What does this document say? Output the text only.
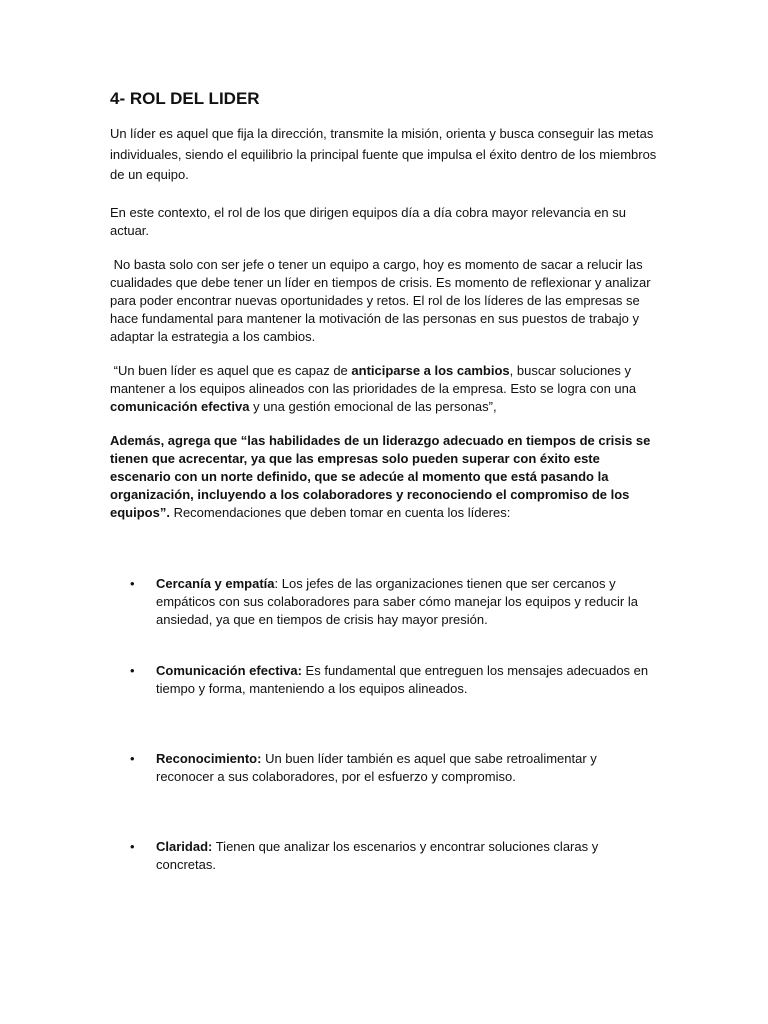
4- ROL DEL LIDER

Un líder es aquel que fija la dirección, transmite la misión, orienta y busca conseguir las metas individuales, siendo el equilibrio la principal fuente que impulsa el éxito dentro de los miembros de un equipo.

En este contexto, el rol de los que dirigen equipos día a día cobra mayor relevancia en su actuar.

No basta solo con ser jefe o tener un equipo a cargo, hoy es momento de sacar a relucir las cualidades que debe tener un líder en tiempos de crisis. Es momento de reflexionar y analizar para poder encontrar nuevas oportunidades y retos. El rol de los líderes de las empresas se hace fundamental para mantener la motivación de las personas en sus puestos de trabajo y adaptar la estrategia a los cambios.

“Un buen líder es aquel que es capaz de anticiparse a los cambios, buscar soluciones y mantener a los equipos alineados con las prioridades de la empresa. Esto se logra con una comunicación efectiva y una gestión emocional de las personas”,

Además, agrega que “las habilidades de un liderazgo adecuado en tiempos de crisis se tienen que acrecentar, ya que las empresas solo pueden superar con éxito este escenario con un norte definido, que se adecúe al momento que está pasando la organización, incluyendo a los colaboradores y reconociendo el compromiso de los equipos”. Recomendaciones que deben tomar en cuenta los líderes:

•	Cercanía y empatía: Los jefes de las organizaciones tienen que ser cercanos y empáticos con sus colaboradores para saber cómo manejar los equipos y reducir la ansiedad, ya que en tiempos de crisis hay mayor presión.
•	Comunicación efectiva: Es fundamental que entreguen los mensajes adecuados en tiempo y forma, manteniendo a los equipos alineados.
•	Reconocimiento: Un buen líder también es aquel que sabe retroalimentar y reconocer a sus colaboradores, por el esfuerzo y compromiso.
•	Claridad: Tienen que analizar los escenarios y encontrar soluciones claras y concretas.
